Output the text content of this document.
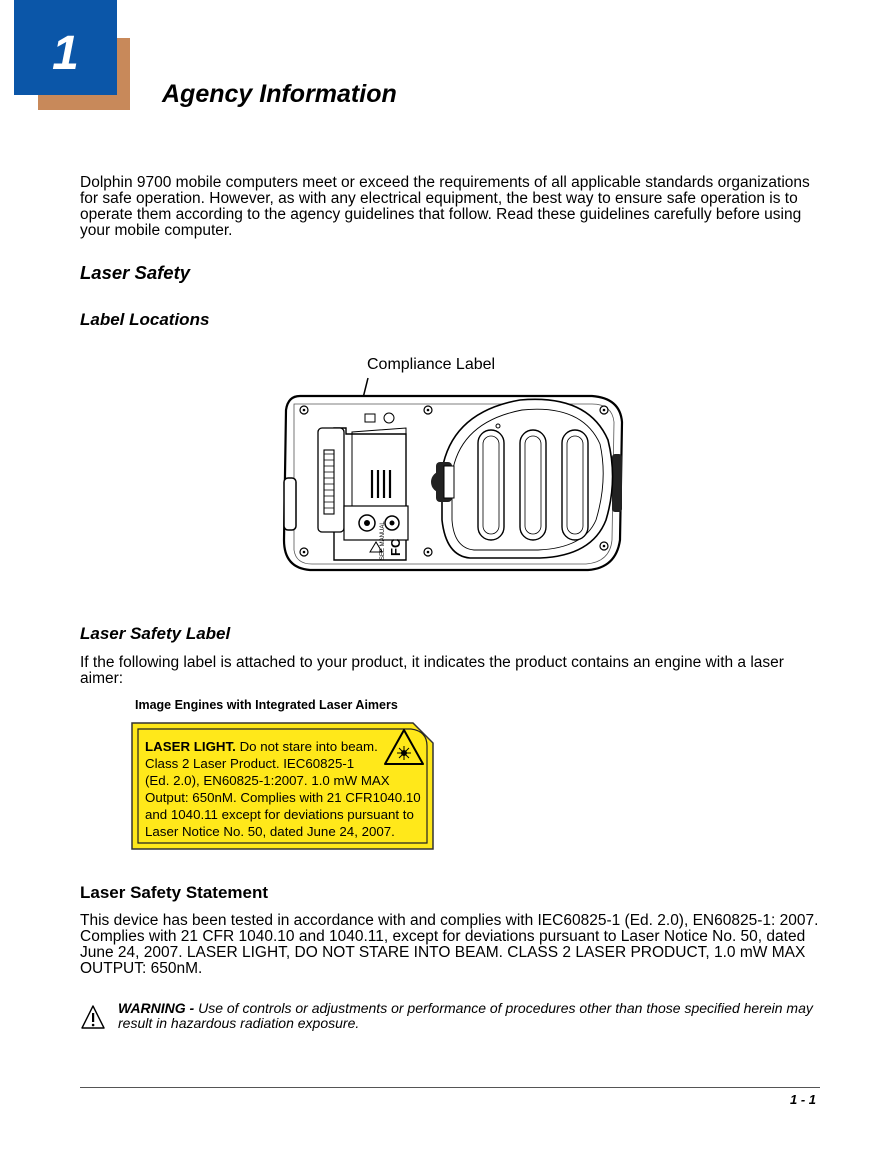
1
Agency Information
Dolphin 9700 mobile computers meet or exceed the requirements of all applicable standards organizations for safe operation. However, as with any electrical equipment, the best way to ensure safe operation is to operate them according to the agency guidelines that follow. Read these guidelines carefully before using your mobile computer.
Laser Safety
Label Locations
Compliance Label
SEE MANUAL FC
Laser Safety Label
If the following label is attached to your product, it indicates the product contains an engine with a laser aimer:
Image Engines with Integrated Laser Aimers
LASER LIGHT. Do not stare into beam.
Class 2 Laser Product. IEC60825-1
(Ed. 2.0), EN60825-1:2007. 1.0 mW MAX
Output: 650nM. Complies with 21 CFR1040.10
and 1040.11 except for deviations pursuant to
Laser Notice No. 50, dated June 24, 2007.
Laser Safety Statement
This device has been tested in accordance with and complies with IEC60825-1 (Ed. 2.0), EN60825-1: 2007. Complies with 21 CFR 1040.10 and 1040.11, except for deviations pursuant to Laser Notice No. 50, dated June 24, 2007. LASER LIGHT, DO NOT STARE INTO BEAM. CLASS 2 LASER PRODUCT, 1.0 mW MAX OUTPUT: 650nM.
WARNING - Use of controls or adjustments or performance of procedures other than those specified herein may result in hazardous radiation exposure.
1 - 1
